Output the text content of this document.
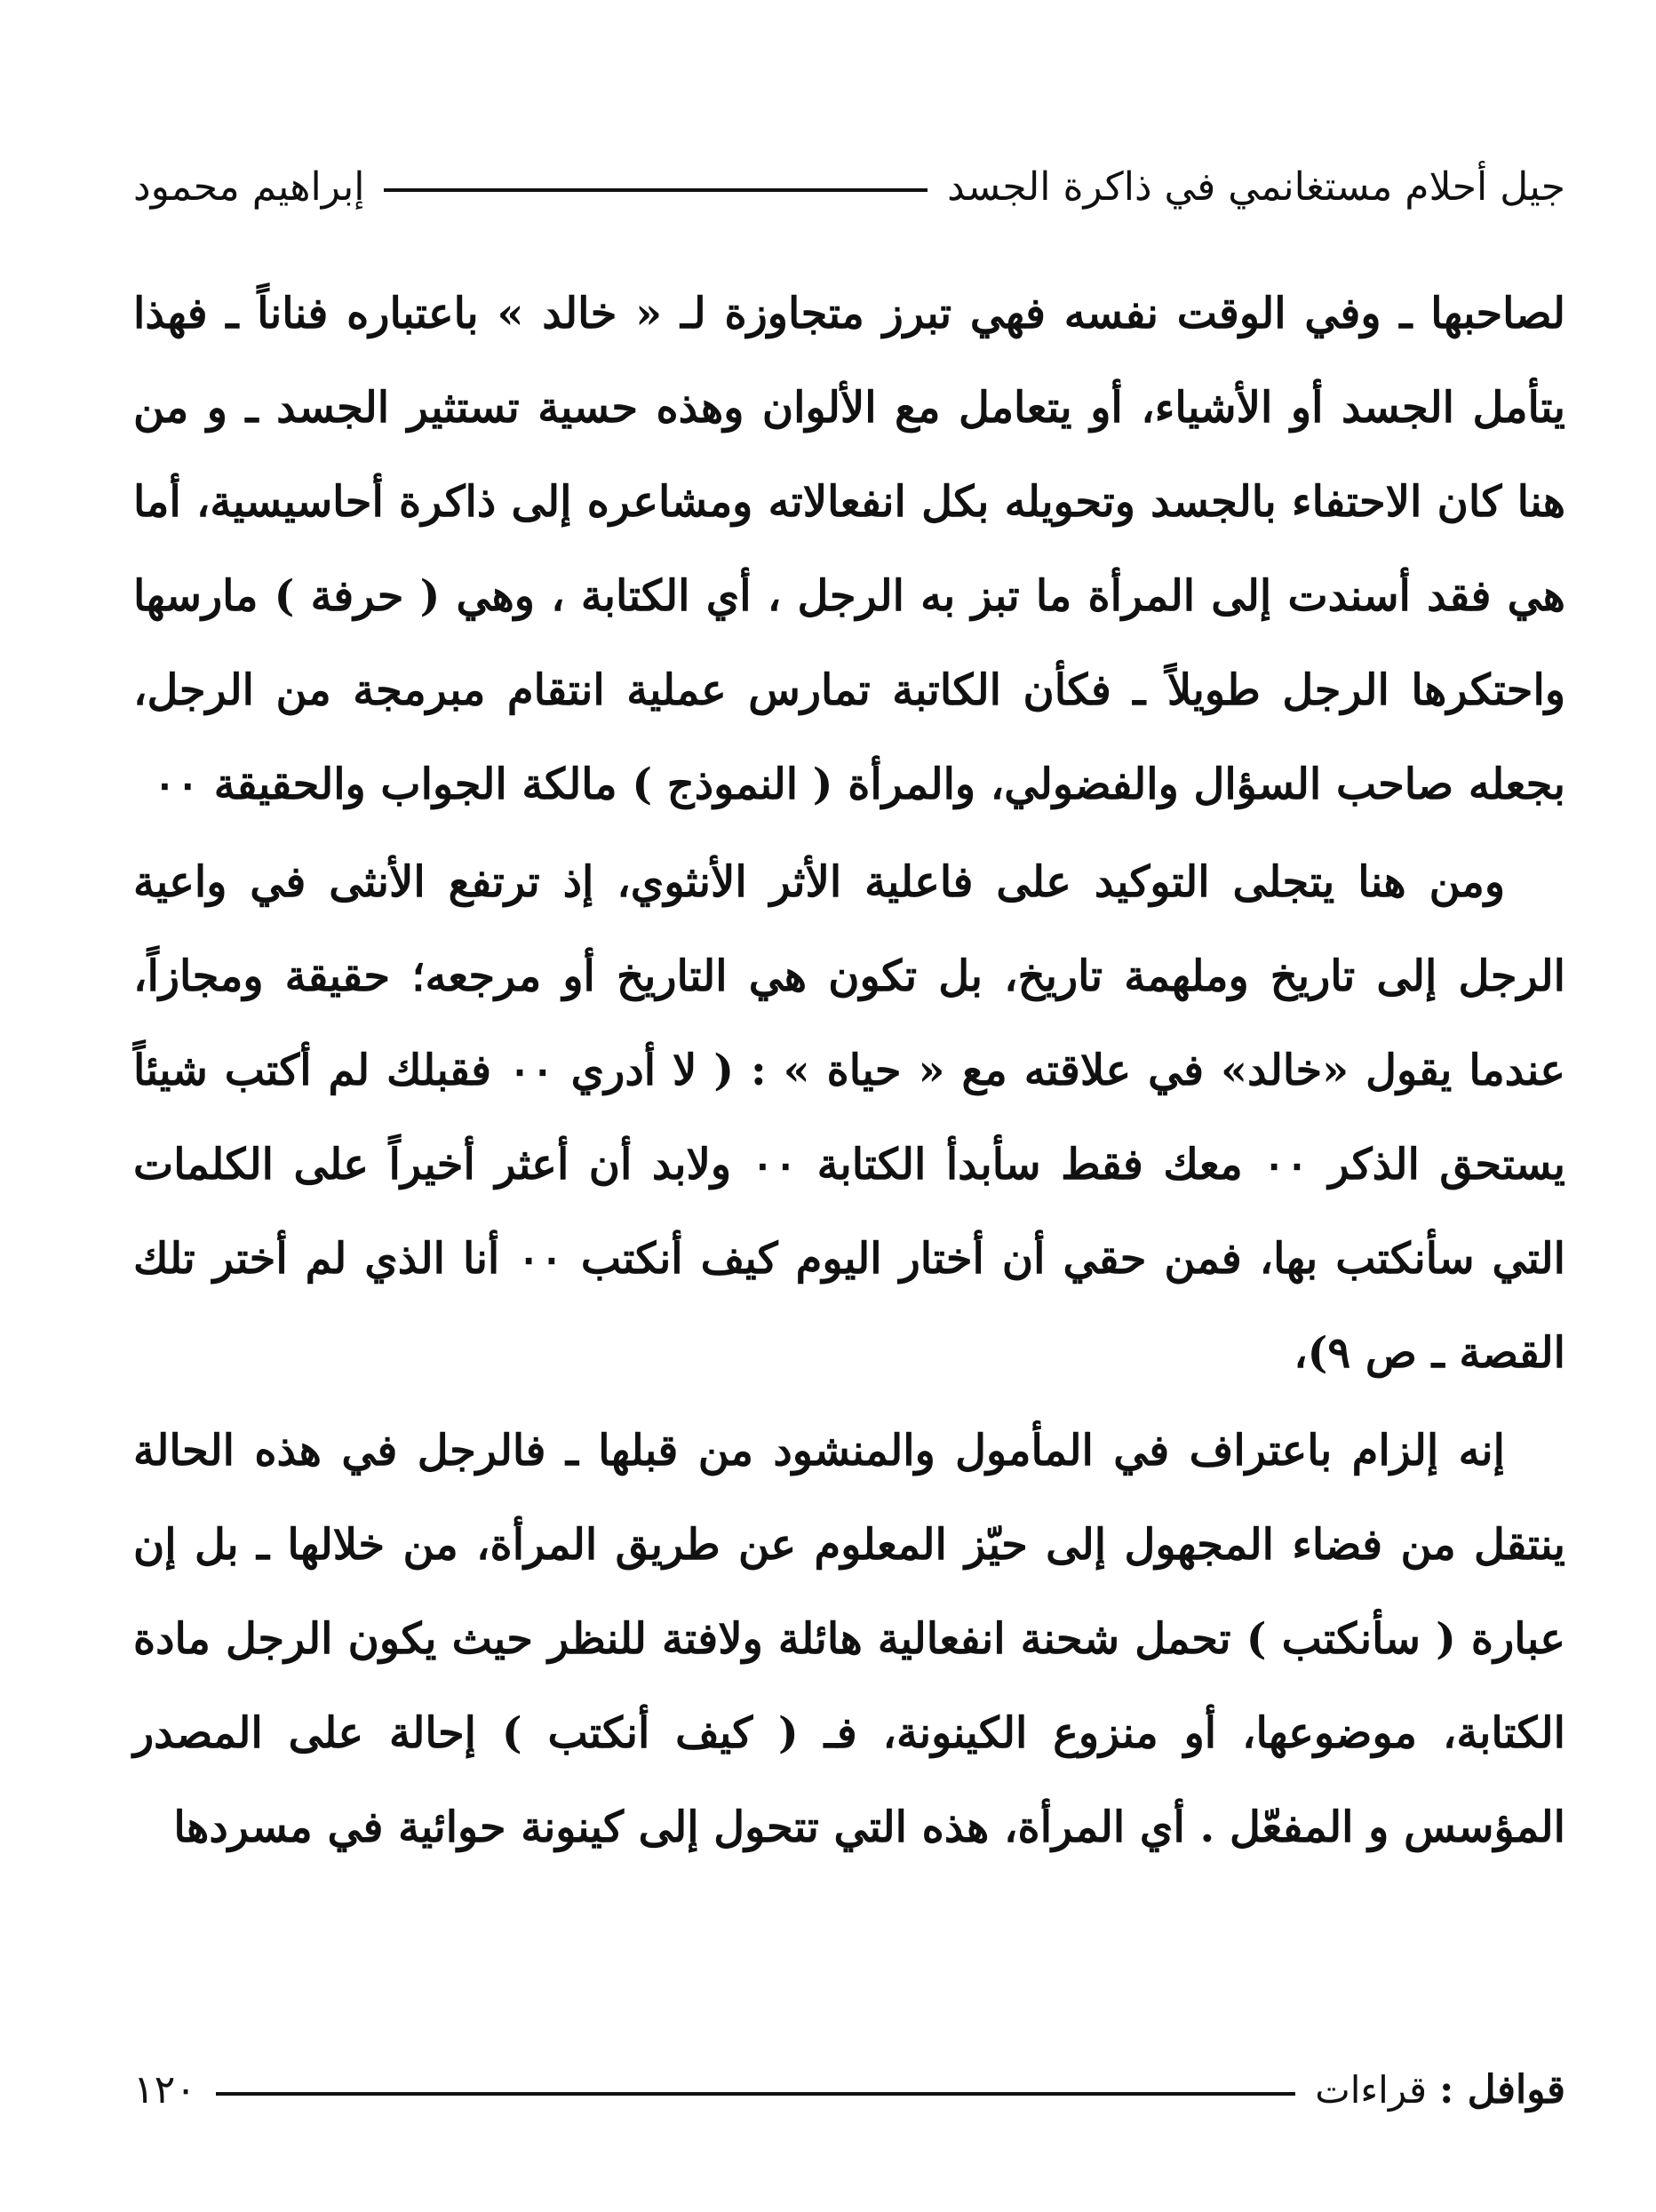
جيل أحلام مستغانمي في ذاكرة الجسد
إبراهيم محمود

لصاحبها ـ وفي الوقت نفسه فهي تبرز متجاوزة لـ « خالد » باعتباره فناناً ـ فهذا يتأمل الجسد أو الأشياء، أو يتعامل مع الألوان وهذه حسية تستثير الجسد ـ و من هنا كان الاحتفاء بالجسد وتحويله بكل انفعالاته ومشاعره إلى ذاكرة أحاسيسية، أما هي فقد أسندت إلى المرأة ما تبز به الرجل ، أي الكتابة ، وهي ( حرفة ) مارسها واحتكرها الرجل طويلاً ـ فكأن الكاتبة تمارس عملية انتقام مبرمجة من الرجل، بجعله صاحب السؤال والفضولي، والمرأة ( النموذج ) مالكة الجواب والحقيقة ٠٠

ومن هنا يتجلى التوكيد على فاعلية الأثر الأنثوي، إذ ترتفع الأنثى في واعية الرجل إلى تاريخ وملهمة تاريخ، بل تكون هي التاريخ أو مرجعه؛ حقيقة ومجازاً، عندما يقول «خالد» في علاقته مع « حياة » : ( لا أدري ٠٠ فقبلك لم أكتب شيئاً يستحق الذكر ٠٠ معك فقط سأبدأ الكتابة ٠٠ ولابد أن أعثر أخيراً على الكلمات التي سأنكتب بها، فمن حقي أن أختار اليوم كيف أنكتب ٠٠ أنا الذي لم أختر تلك القصة ـ ص ٩)،

إنه إلزام باعتراف في المأمول والمنشود من قبلها ـ فالرجل في هذه الحالة ينتقل من فضاء المجهول إلى حيّز المعلوم عن طريق المرأة، من خلالها ـ بل إن عبارة ( سأنكتب ) تحمل شحنة انفعالية هائلة ولافتة للنظر حيث يكون الرجل مادة الكتابة، موضوعها، أو منزوع الكينونة، فـ ( كيف أنكتب ) إحالة على المصدر المؤسس و المفعّل . أي المرأة، هذه التي تتحول إلى كينونة حوائية في مسردها

قوافل :
قراءات
١٢٠
